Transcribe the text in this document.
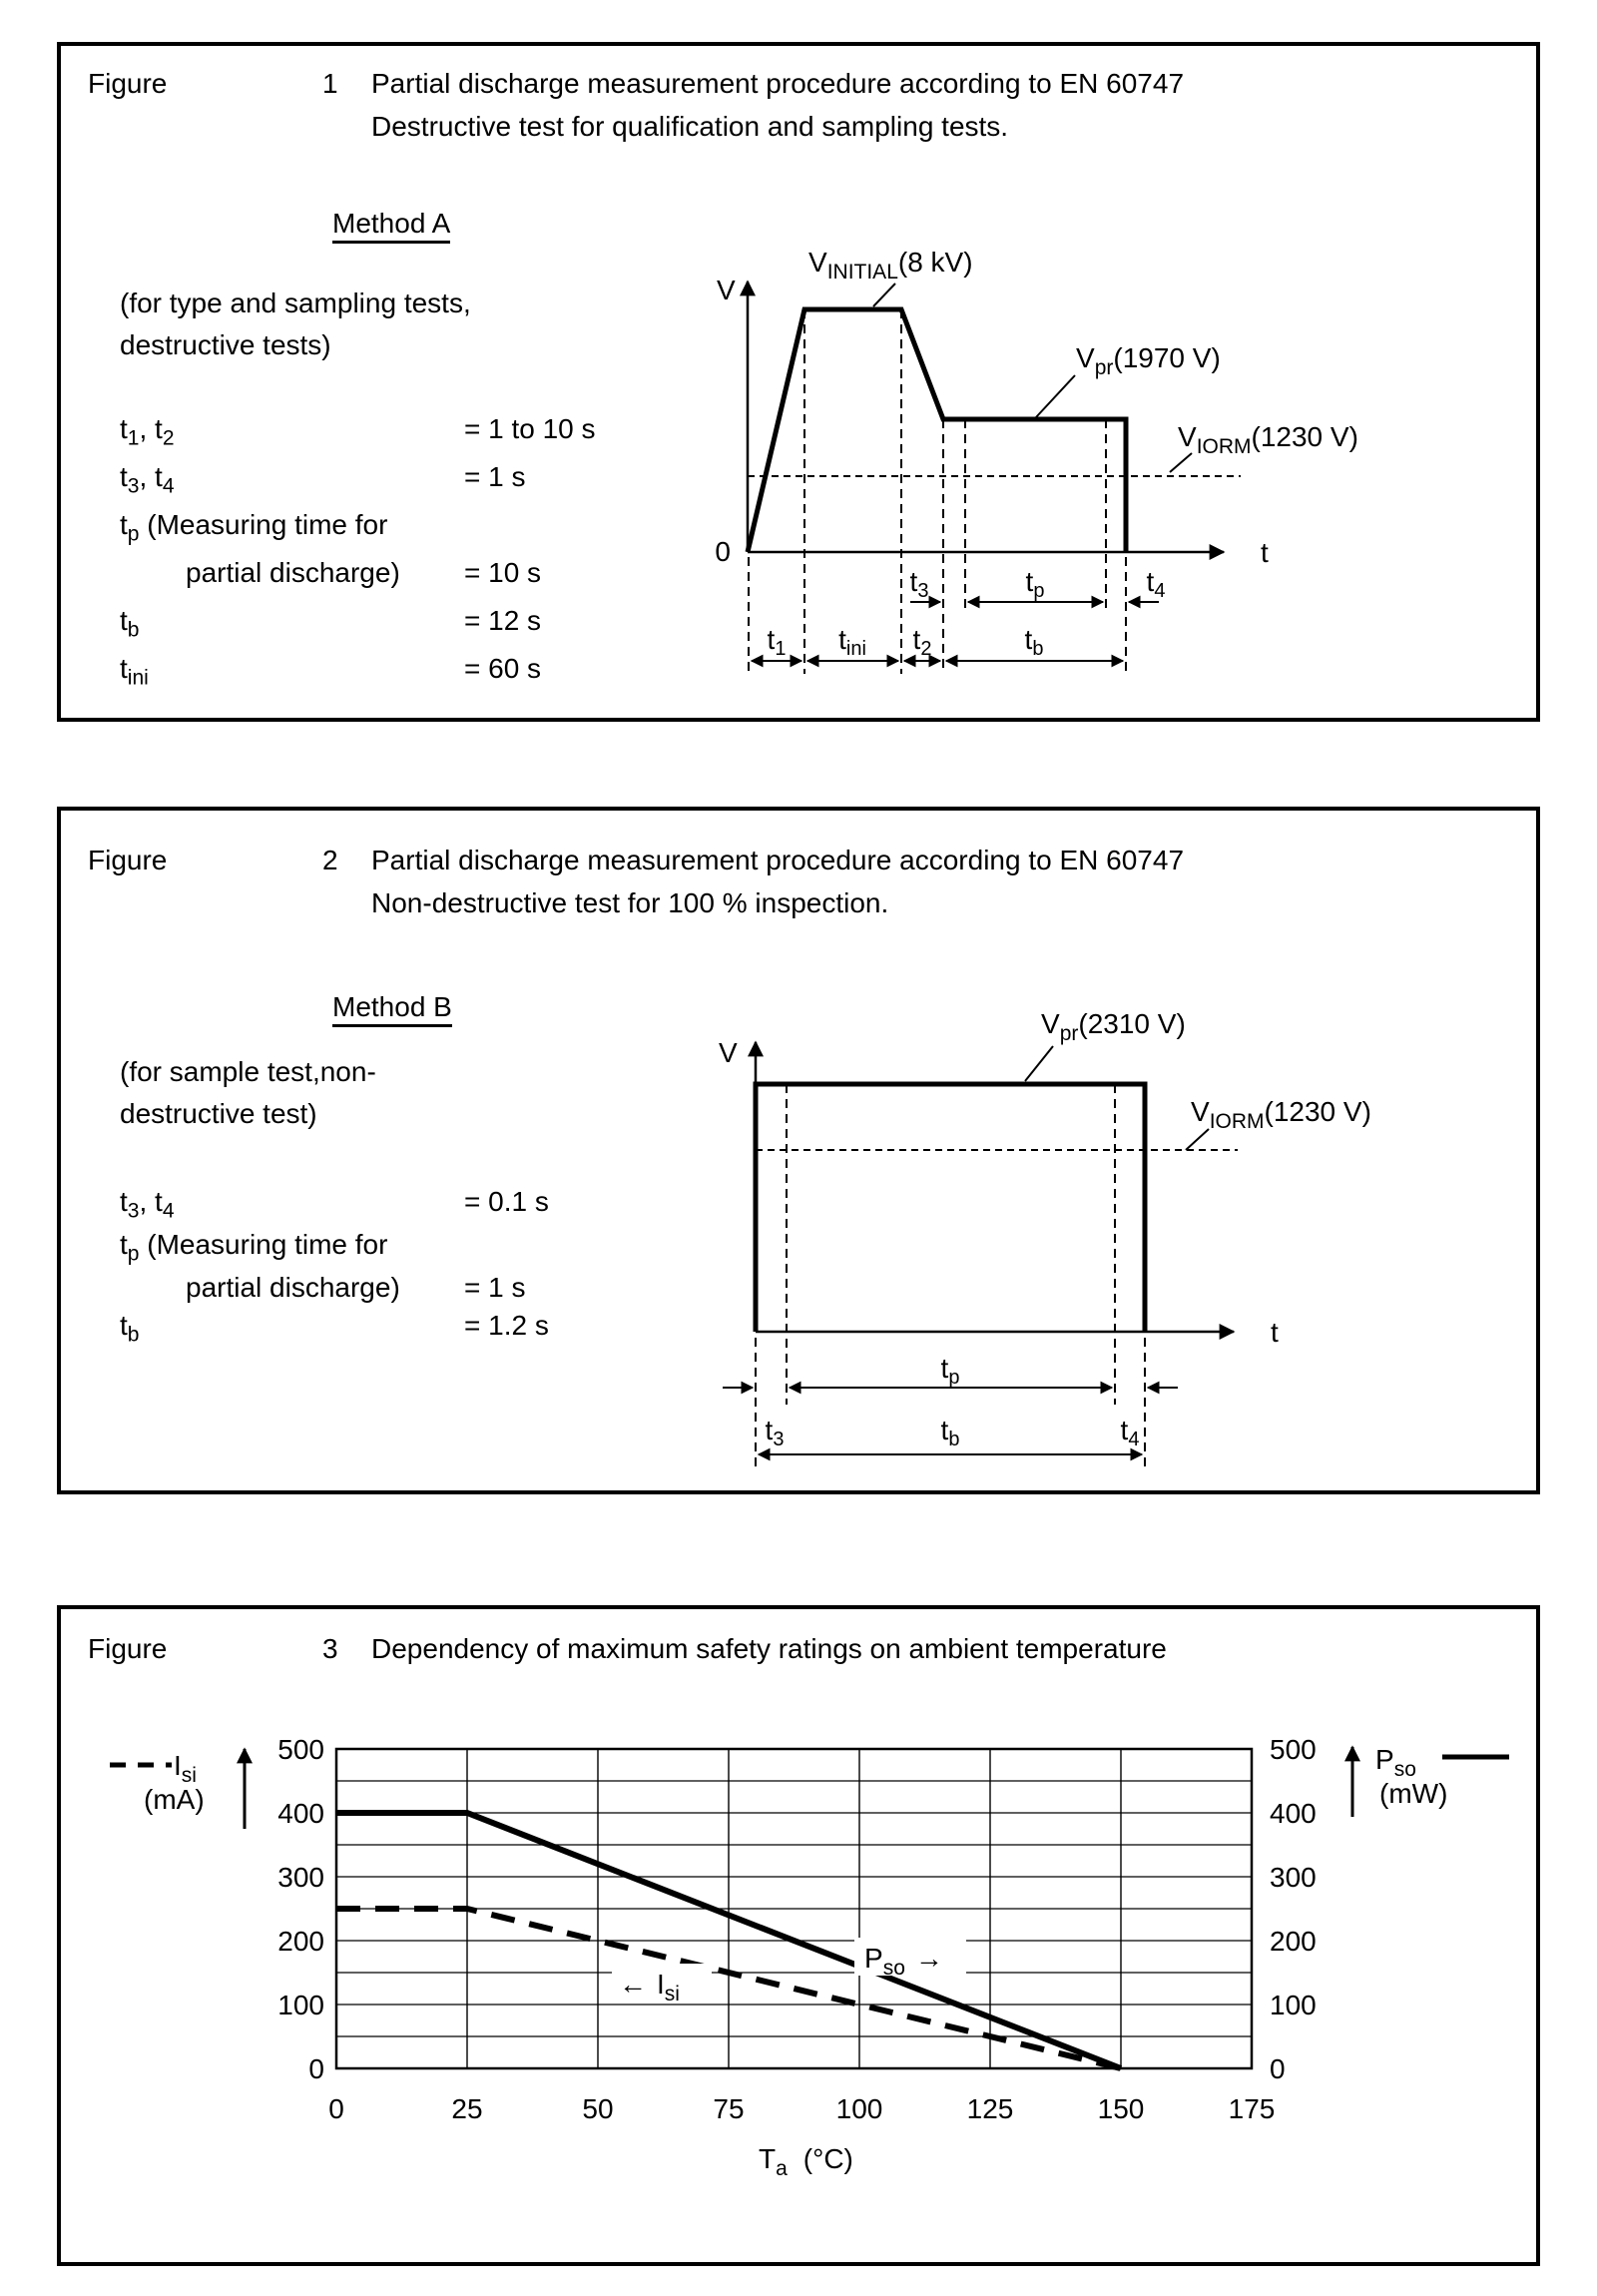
Figure	1 Partial discharge measurement procedure according to EN 60747
Destructive test for qualification and sampling tests.
Method A
(for type and sampling tests,
destructive tests)
$t_1$, $t_2$	= 1 to 10 s
$t_3$, $t_4$	= 1 s
$t_p$ (Measuring time for
partial discharge) = 10 s
$t_b$	= 12 s
$t_{ini}$	= 60 s
V
t
0
$V_{INITIAL}(8$ kV)
$V_{pr}(1970$ V)
$V_{IORM}(1230$ V)
$t_3$	$t_p$	$t_4$
$t_1$ $t_{ini}$ $t_2$	$t_b$
Figure	2 Partial discharge measurement procedure according to EN 60747
Non-destructive test for 100 % inspection.
Method B
(for sample test,non-
destructive test)
$t_3$, $t_4$	= 0.1 s
$t_p$ (Measuring time for
partial discharge) = 1 s
$t_b$	= 1.2 s
V
t
$V_{pr}(2310$ V)
$V_{IORM}(1230$ V)
$t_p$
$t_3$	$t_b$	$t_4$
Figure	3 Dependency of maximum safety ratings on ambient temperature
← $I_{si}$
$P_{so}$ →
500
400
300
200
100
0
500
400
300
200
100
0
0	25	50	75	100	125	150	175
$T_a$ (°C)
$I_{si}$
(mA)
$P_{so}$
(mW)
